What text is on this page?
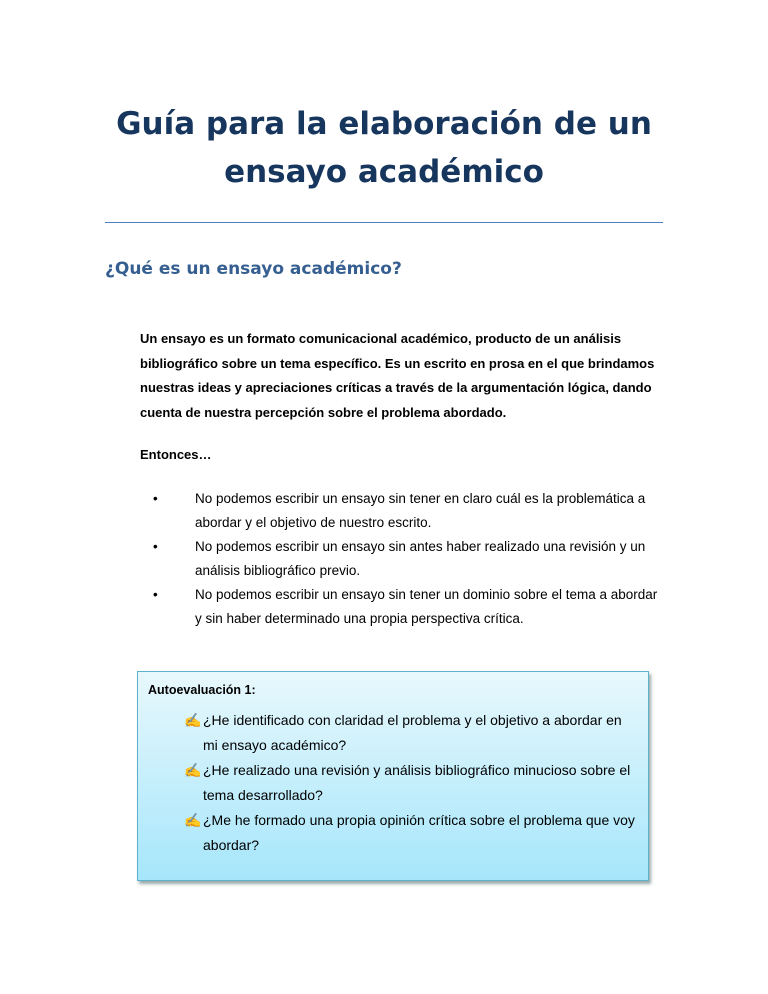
Guía para la elaboración de un
ensayo académico
¿Qué es un ensayo académico?
Un ensayo es un formato comunicacional académico, producto de un análisis bibliográfico sobre un tema específico. Es un escrito en prosa en el que brindamos nuestras ideas y apreciaciones críticas a través de la argumentación lógica, dando cuenta de nuestra percepción sobre el problema abordado.
Entonces…
•	No podemos escribir un ensayo sin tener en claro cuál es la problemática a abordar y el objetivo de nuestro escrito.
•	No podemos escribir un ensayo sin antes haber realizado una revisión y un análisis bibliográfico previo.
•	No podemos escribir un ensayo sin tener un dominio sobre el tema a abordar y sin haber determinado una propia perspectiva crítica.
Autoevaluación 1:
✍ ¿He identificado con claridad el problema y el objetivo a abordar en mi ensayo académico?
✍ ¿He realizado una revisión y análisis bibliográfico minucioso sobre el tema desarrollado?
✍ ¿Me he formado una propia opinión crítica sobre el problema que voy abordar?
